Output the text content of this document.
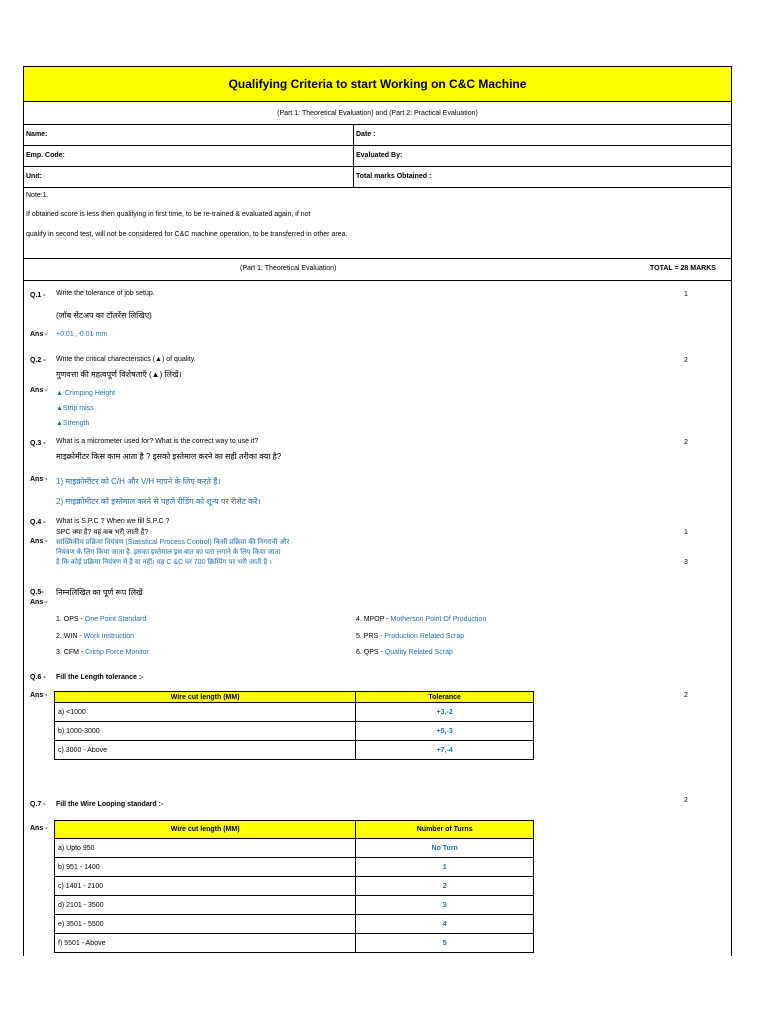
Qualifying Criteria to start Working on C&C Machine
(Part 1: Theoretical Evaluation) and (Part 2: Practical Evaluation)
Name:	Date :
Emp. Code:	Evaluated By:
Unit:	Total marks Obtained :
Note:1.
If obtained score is less then qualifying in first time, to be re-trained & evaluated again, if not
qualify in second test, will not be considered for C&C machine operation, to be transferred in other area.
(Part 1: Theoretical Evaluation)	TOTAL = 28 MARKS
Q.1 - Write the tolerance of job setup.
(जॉब सेटअप का टॉलरेंस लिखिए)
Ans - +0.01 ,-0.01 mm
1
Q.2 - Write the critical charecterstics (▲) of quality.
गुणवत्ता की महत्वपूर्ण विशेषताएँ (▲) लिखें।
Ans - ▲ Crimping Height
▲Strip miss
▲Strength
2
Q.3 - What is a micrometer used for? What is the correct way to use it?
माइक्रोमीटर किस काम आता है ? इसको इस्तेमाल करने का सही तरीका क्या है?
Ans - 1) माइक्रोमीटर को C/H और V/H मापने के लिए करते हैं।
2) माइक्रोमीटर को इस्तेमाल करने से पहले रीडिंग को शून्य पर रीसेट करें।
2
Q.4 - What is S.P.C ? When we fill S.P.C ?
SPC क्या है? यह कब भरी जाती है?
Ans - सांख्यिकीय प्रक्रिया नियंत्रण (Statistical Process Control) किसी प्रक्रिया की निगरानी और
नियंत्रण के लिए किया जाता है. इसका इस्तेमाल इस बात का पता लगाने के लिए किया जाता
है कि कोई प्रक्रिया नियंत्रण में है या नहीं। यह C &C पर 700 क्रिम्पिंग पर भरी जाती है ।
1
3
Q.5- निम्नलिखित का पूर्ण रूप लिखें
Ans -
1. OPS - One Point Standard
2. WIN - Work Instruction
3. CFM - Crimp Force Monitor
4. MPOP - Motherson Point Of Production
5. PRS - Production Related Scrap
6. QPS - Quality Related Scrap
Q.6 - Fill the Length tolerance :-
Ans -	2
Wire cut length (MM)	Tolerance
a) <1000	+3,-2
b) 1000-3000	+5,-3
c) 3000 - Above	+7,-4
Q.7 - Fill the Wire Looping standard :-
2
Ans -	Wire cut length (MM)	Number of Turns
a) Upto 950	No Turn
b) 951 - 1400	1
c) 1401 - 2100	2
d) 2101 - 3500	3
e) 3501 - 5500	4
f) 5501 - Above	5
